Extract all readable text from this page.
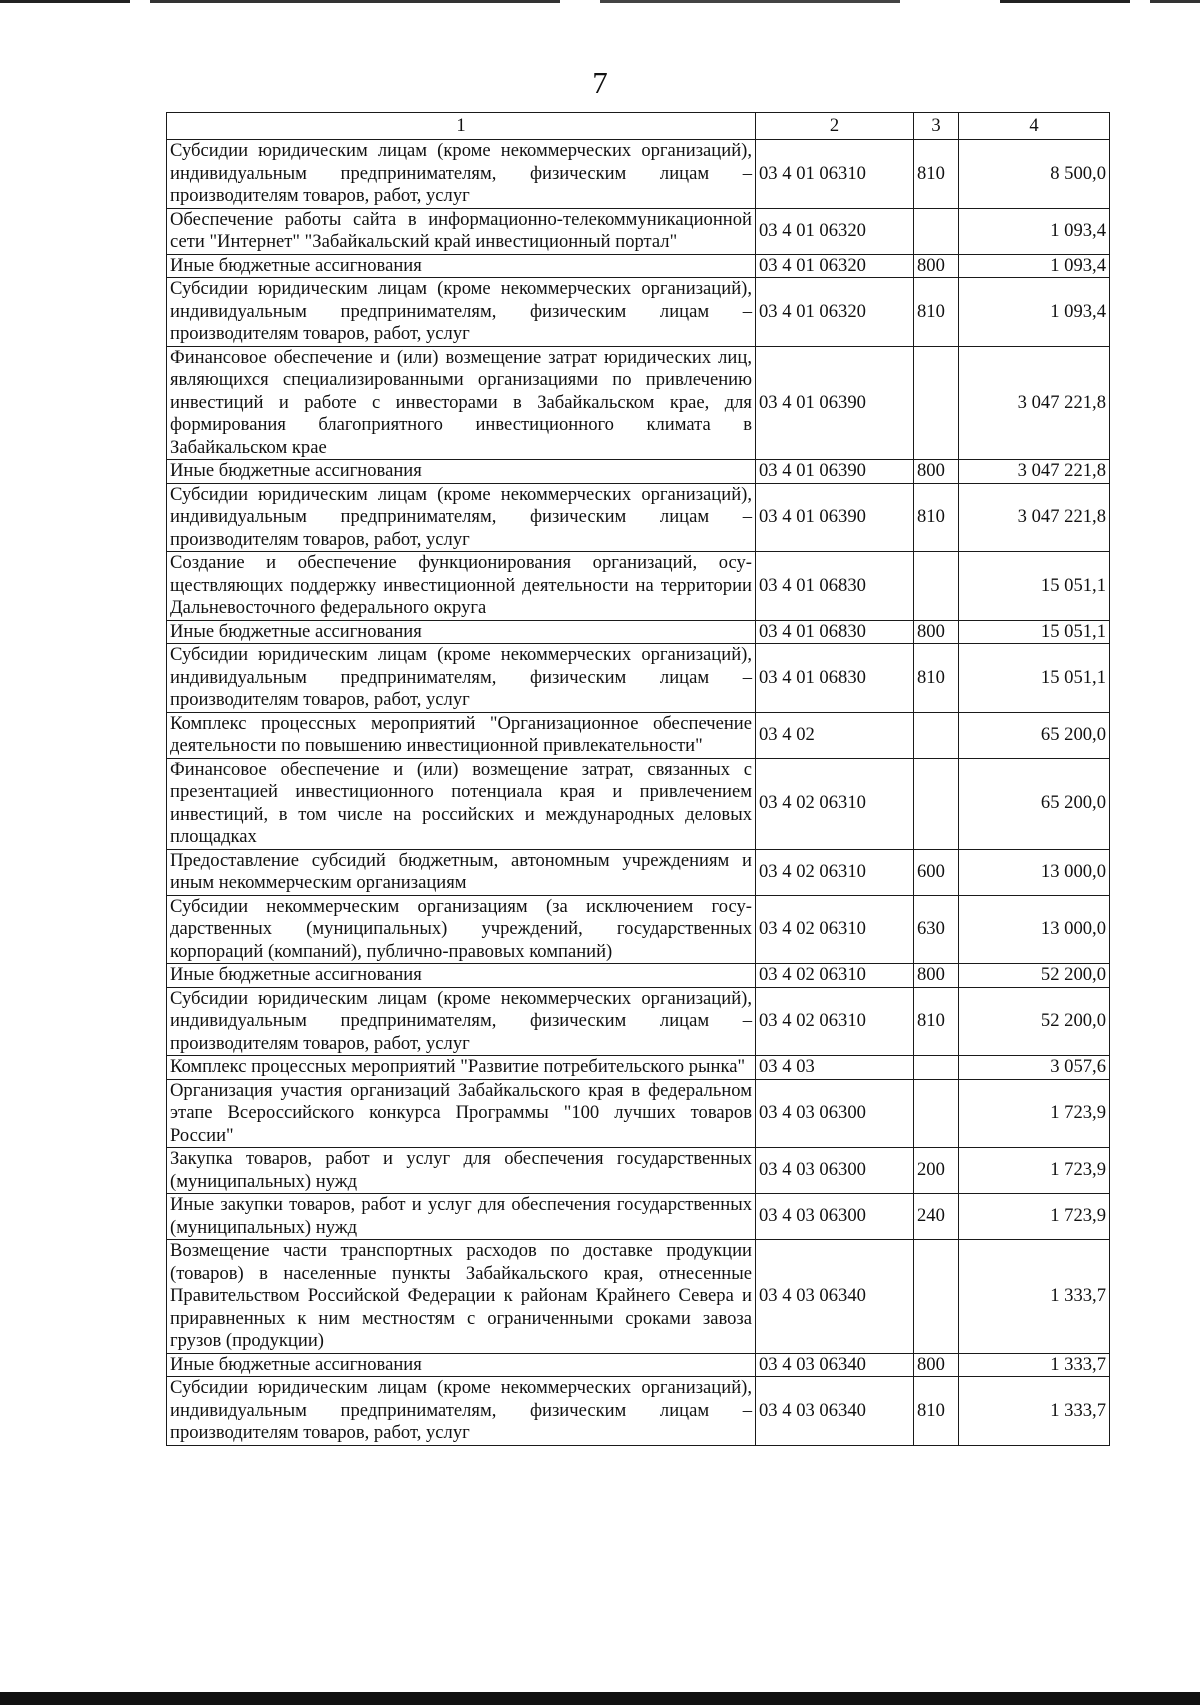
7
1	2	3	4
Субсидии юридическим лицам (кроме некоммерческих организаций), индивидуальным предпринимателям, физическим лицам – производителям товаров, работ, услуг	03 4 01 06310	810	8 500,0
Обеспечение работы сайта в информационно-телекоммуникационной сети "Интернет" "Забайкальский край инвестиционный портал"	03 4 01 06320		1 093,4
Иные бюджетные ассигнования	03 4 01 06320	800	1 093,4
Субсидии юридическим лицам (кроме некоммерческих организаций), индивидуальным предпринимателям, физическим лицам – производителям товаров, работ, услуг	03 4 01 06320	810	1 093,4
Финансовое обеспечение и (или) возмещение затрат юридических лиц, являющихся специализированными организациями по привлечению инвестиций и работе с инвесторами в Забайкальском крае, для формирования благоприятного инвестиционного климата в Забайкальском крае	03 4 01 06390		3 047 221,8
Иные бюджетные ассигнования	03 4 01 06390	800	3 047 221,8
Субсидии юридическим лицам (кроме некоммерческих организаций), индивидуальным предпринимателям, физическим лицам – производителям товаров, работ, услуг	03 4 01 06390	810	3 047 221,8
Создание и обеспечение функционирования организаций, осуществляющих поддержку инвестиционной деятельности на территории Дальневосточного федерального округа	03 4 01 06830		15 051,1
Иные бюджетные ассигнования	03 4 01 06830	800	15 051,1
Субсидии юридическим лицам (кроме некоммерческих организаций), индивидуальным предпринимателям, физическим лицам – производителям товаров, работ, услуг	03 4 01 06830	810	15 051,1
Комплекс процессных мероприятий "Организационное обеспечение деятельности по повышению инвестиционной привлекательности"	03 4 02		65 200,0
Финансовое обеспечение и (или) возмещение затрат, связанных с презентацией инвестиционного потенциала края и привлечением инвестиций, в том числе на российских и международных деловых площадках	03 4 02 06310		65 200,0
Предоставление субсидий бюджетным, автономным учреждениям и иным некоммерческим организациям	03 4 02 06310	600	13 000,0
Субсидии некоммерческим организациям (за исключением государственных (муниципальных) учреждений, государственных корпораций (компаний), публично-правовых компаний)	03 4 02 06310	630	13 000,0
Иные бюджетные ассигнования	03 4 02 06310	800	52 200,0
Субсидии юридическим лицам (кроме некоммерческих организаций), индивидуальным предпринимателям, физическим лицам – производителям товаров, работ, услуг	03 4 02 06310	810	52 200,0
Комплекс процессных мероприятий "Развитие потребительского рынка"	03 4 03		3 057,6
Организация участия организаций Забайкальского края в федеральном этапе Всероссийского конкурса Программы "100 лучших товаров России"	03 4 03 06300		1 723,9
Закупка товаров, работ и услуг для обеспечения государственных (муниципальных) нужд	03 4 03 06300	200	1 723,9
Иные закупки товаров, работ и услуг для обеспечения государственных (муниципальных) нужд	03 4 03 06300	240	1 723,9
Возмещение части транспортных расходов по доставке продукции (товаров) в населенные пункты Забайкальского края, отнесенные Правительством Российской Федерации к районам Крайнего Севера и приравненных к ним местностям с ограниченными сроками завоза грузов (продукции)	03 4 03 06340		1 333,7
Иные бюджетные ассигнования	03 4 03 06340	800	1 333,7
Субсидии юридическим лицам (кроме некоммерческих организаций), индивидуальным предпринимателям, физическим лицам – производителям товаров, работ, услуг	03 4 03 06340	810	1 333,7
